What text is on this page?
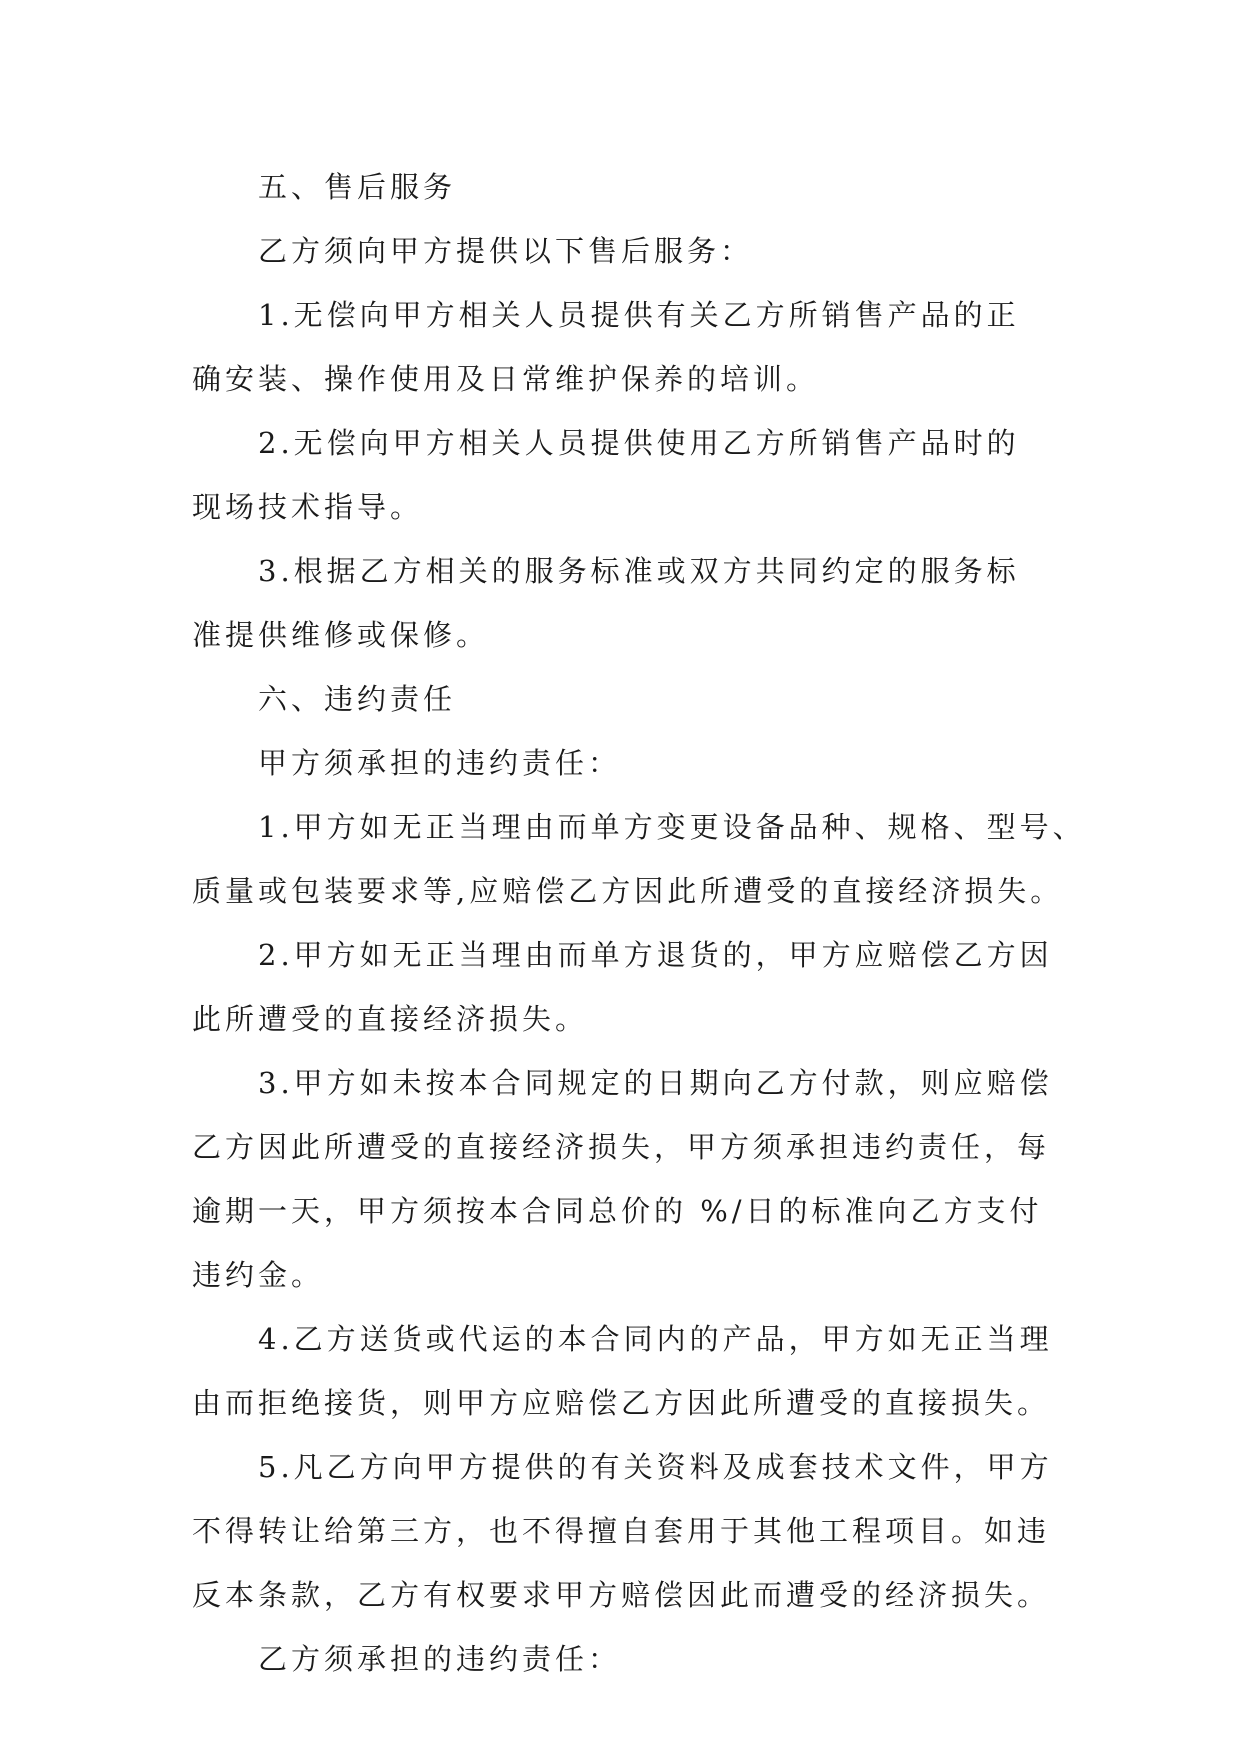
五、售后服务
乙方须向甲方提供以下售后服务：
1.无偿向甲方相关人员提供有关乙方所销售产品的正
确安装、操作使用及日常维护保养的培训。
2.无偿向甲方相关人员提供使用乙方所销售产品时的
现场技术指导。
3.根据乙方相关的服务标准或双方共同约定的服务标
准提供维修或保修。
六、违约责任
甲方须承担的违约责任：
1.甲方如无正当理由而单方变更设备品种、规格、型号、
质量或包装要求等,应赔偿乙方因此所遭受的直接经济损失。
2.甲方如无正当理由而单方退货的，甲方应赔偿乙方因
此所遭受的直接经济损失。
3.甲方如未按本合同规定的日期向乙方付款，则应赔偿
乙方因此所遭受的直接经济损失，甲方须承担违约责任，每
逾期一天，甲方须按本合同总价的 %/日的标准向乙方支付
违约金。
4.乙方送货或代运的本合同内的产品，甲方如无正当理
由而拒绝接货，则甲方应赔偿乙方因此所遭受的直接损失。
5.凡乙方向甲方提供的有关资料及成套技术文件，甲方
不得转让给第三方，也不得擅自套用于其他工程项目。如违
反本条款，乙方有权要求甲方赔偿因此而遭受的经济损失。
乙方须承担的违约责任：
